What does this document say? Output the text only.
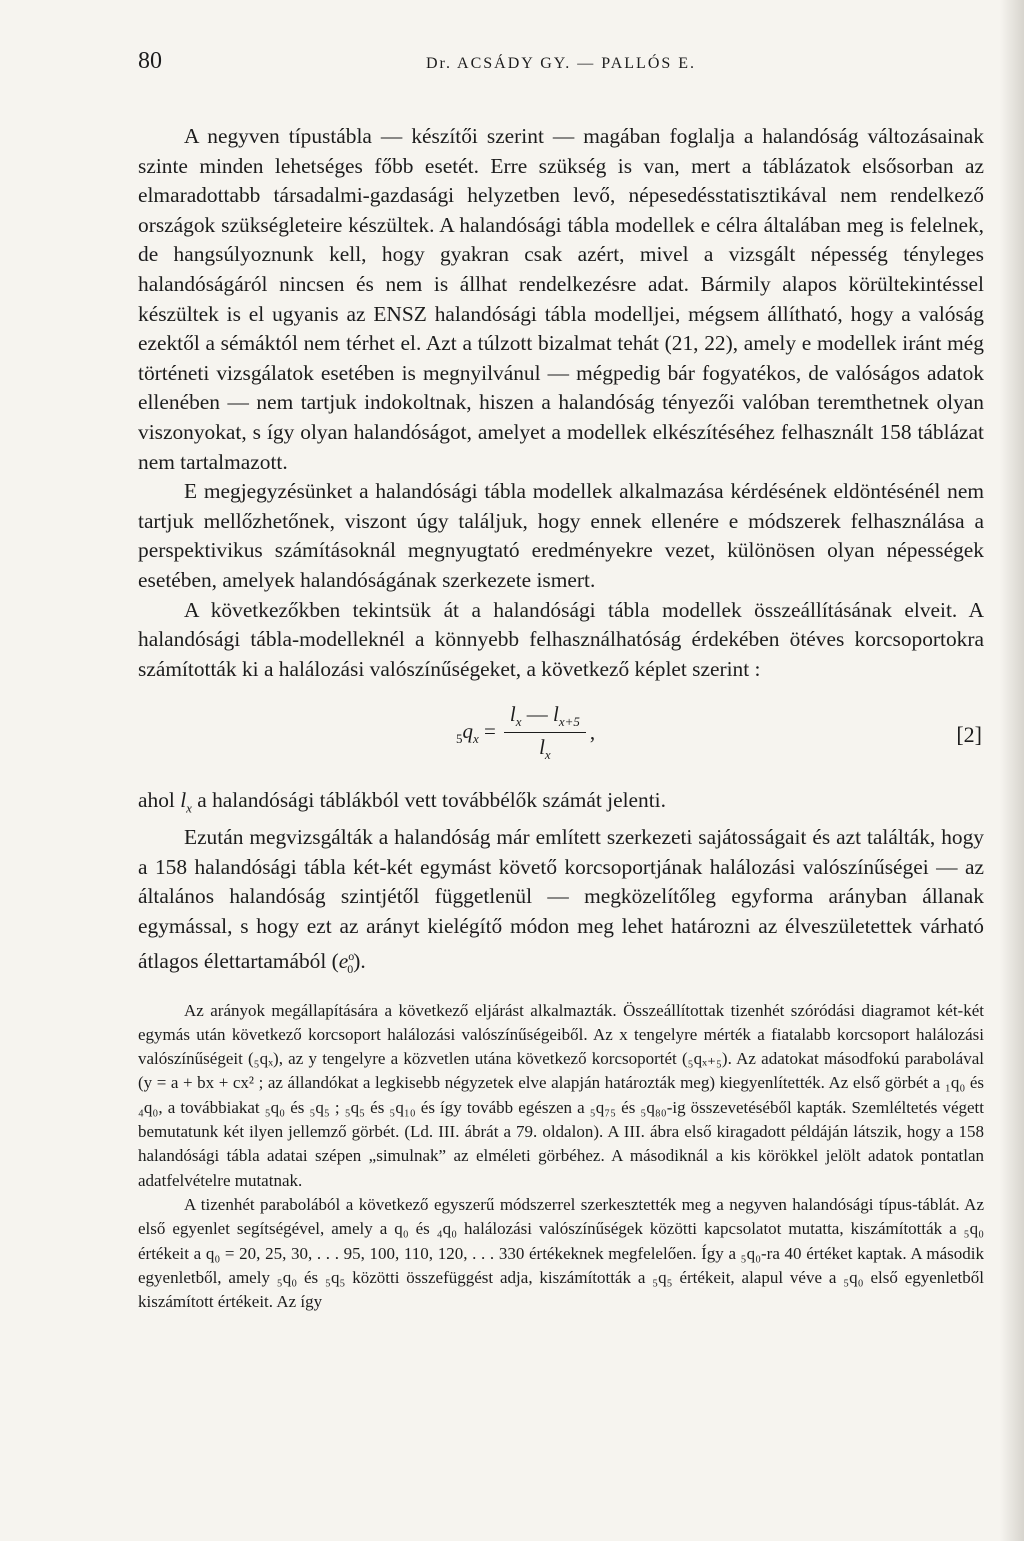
80	Dr. ACSÁDY GY. — PALLÓS E.

A negyven típustábla — készítői szerint — magában foglalja a halandóság változásainak szinte minden lehetséges főbb esetét. Erre szükség is van, mert a táblázatok elsősorban az elmaradottabb társadalmi-gazdasági helyzetben levő, népesedésstatisztikával nem rendelkező országok szükségleteire készültek. A halandósági tábla modellek e célra általában meg is felelnek, de hangsúlyoznunk kell, hogy gyakran csak azért, mivel a vizsgált népesség tényleges halandóságáról nincsen és nem is állhat rendelkezésre adat. Bármily alapos körültekintéssel készültek is el ugyanis az ENSZ halandósági tábla modelljei, mégsem állítható, hogy a valóság ezektől a sémáktól nem térhet el. Azt a túlzott bizalmat tehát (21, 22), amely e modellek iránt még történeti vizsgálatok esetében is megnyilvánul — mégpedig bár fogyatékos, de valóságos adatok ellenében — nem tartjuk indokoltnak, hiszen a halandóság tényezői valóban teremthetnek olyan viszonyokat, s így olyan halandóságot, amelyet a modellek elkészítéséhez felhasznált 158 táblázat nem tartalmazott.

E megjegyzésünket a halandósági tábla modellek alkalmazása kérdésének eldöntésénél nem tartjuk mellőzhetőnek, viszont úgy találjuk, hogy ennek ellenére e módszerek felhasználása a perspektivikus számításoknál megnyugtató eredményekre vezet, különösen olyan népességek esetében, amelyek halandóságának szerkezete ismert.

A következőkben tekintsük át a halandósági tábla modellek összeállításának elveit. A halandósági tábla-modelleknél a könnyebb felhasználhatóság érdekében ötéves korcsoportokra számították ki a halálozási valószínűségeket, a következő képlet szerint :

$_5q_x = \frac{l_x — l_{x+5}}{l_x}$ ,	[2]

ahol $l_x$ a halandósági táblákból vett továbbélők számát jelenti.

Ezután megvizsgálták a halandóság már említett szerkezeti sajátosságait és azt találták, hogy a 158 halandósági tábla két-két egymást követő korcsoportjának halálozási valószínűségei — az általános halandóság szintjétől függetlenül — megközelítőleg egyforma arányban állanak egymással, s hogy ezt az arányt kielégítő módon meg lehet határozni az élveszületettek várható átlagos élettartamából $(e^o_0)$.

Az arányok megállapítására a következő eljárást alkalmazták. Összeállítottak tizenhét szóródási diagramot két-két egymás után következő korcsoport halálozási valószínűségeiből. Az x tengelyre mérték a fiatalabb korcsoport halálozási valószínűségeit (₅qₓ), az y tengelyre a közvetlen utána következő korcsoportét (₅qₓ₊₅). Az adatokat másodfokú parabolával (y = a + bx + cx² ; az állandókat a legkisebb négyzetek elve alapján határozták meg) kiegyenlítették. Az első görbét a ₁q₀ és ₄q₀, a továbbiakat ₅q₀ és ₅q₅ ; ₅q₅ és ₅q₁₀ és így tovább egészen a ₅q₇₅ és ₅q₈₀-ig összevetéséből kapták. Szemléltetés végett bemutatunk két ilyen jellemző görbét. (Ld. III. ábrát a 79. oldalon). A III. ábra első kiragadott példáján látszik, hogy a 158 halandósági tábla adatai szépen „simulnak” az elméleti görbéhez. A másodiknál a kis körökkel jelölt adatok pontatlan adatfelvételre mutatnak.

A tizenhét parabolából a következő egyszerű módszerrel szerkesztették meg a negyven halandósági típus-táblát. Az első egyenlet segítségével, amely a q₀ és ₄q₀ halálozási valószínűségek közötti kapcsolatot mutatta, kiszámították a ₅q₀ értékeit a q₀ = 20, 25, 30, . . . 95, 100, 110, 120, . . . 330 értékeknek megfelelően. Így a ₅q₀-ra 40 értéket kaptak. A második egyenletből, amely ₅q₀ és ₅q₅ közötti összefüggést adja, kiszámították a ₅q₅ értékeit, alapul véve a ₅q₀ első egyenletből kiszámított értékeit. Az így
